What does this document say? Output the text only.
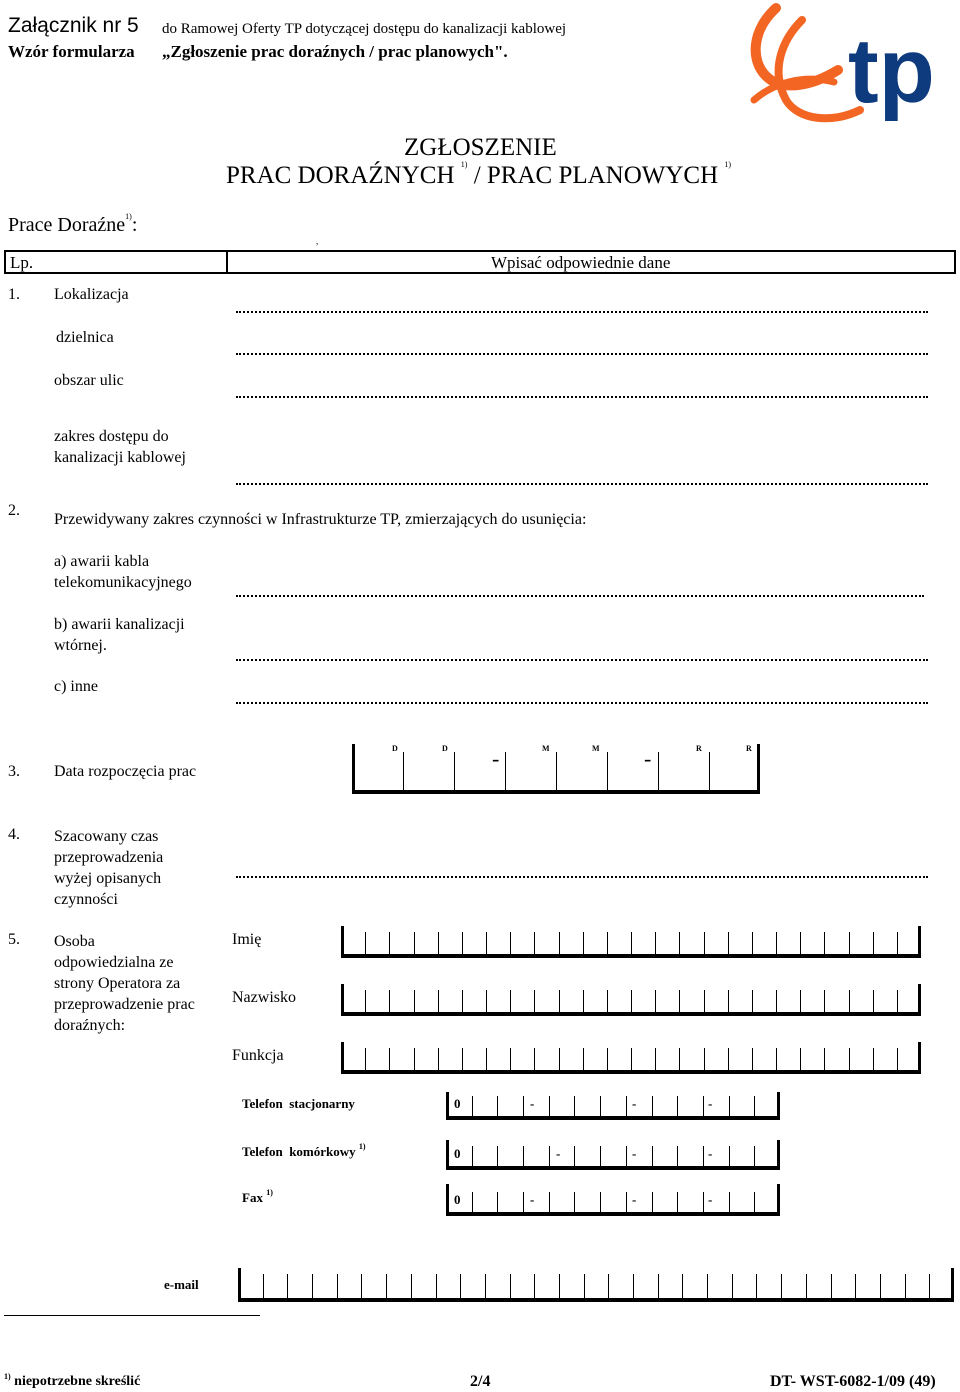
Załącznik nr 5 do Ramowej Oferty TP dotyczącej dostępu do kanalizacji kablowej
Wzór formularza „Zgłoszenie prac doraźnych / prac planowych".	tp
ZGŁOSZENIE
PRAC DORAŹNYCH $^{1)}$ / PRAC PLANOWYCH $^{1)}$
Prace Doraźne$^{1)}$:
,
Lp.	Wpisać odpowiednie dane
1. Lokalizacja
dzielnica
obszar ulic
zakres dostępu do
kanalizacji kablowej
2.
Przewidywany zakres czynności w Infrastrukturze TP, zmierzających do usunięcia:
a) awarii kabla
telekomunikacyjnego
b) awarii kanalizacji
wtórnej.
c) inne
3. Data rozpoczęcia prac
D	D -	M	M -	R	R
4. Szacowany czas
przeprowadzenia
wyżej opisanych
czynności
5. Osoba
odpowiedzialna ze
strony Operatora za
przeprowadzenie prac
doraźnych:
Imię
Nazwisko
Funkcja
Telefon stacjonarny	0	-	-	-
Telefon komórkowy $^{1)}$	0	-	-	-
Fax $^{1)}$	0	-	-	-
e-mail
$^{1)}$ niepotrzebne skreślić	2/4	DT- WST-6082-1/09 (49)
